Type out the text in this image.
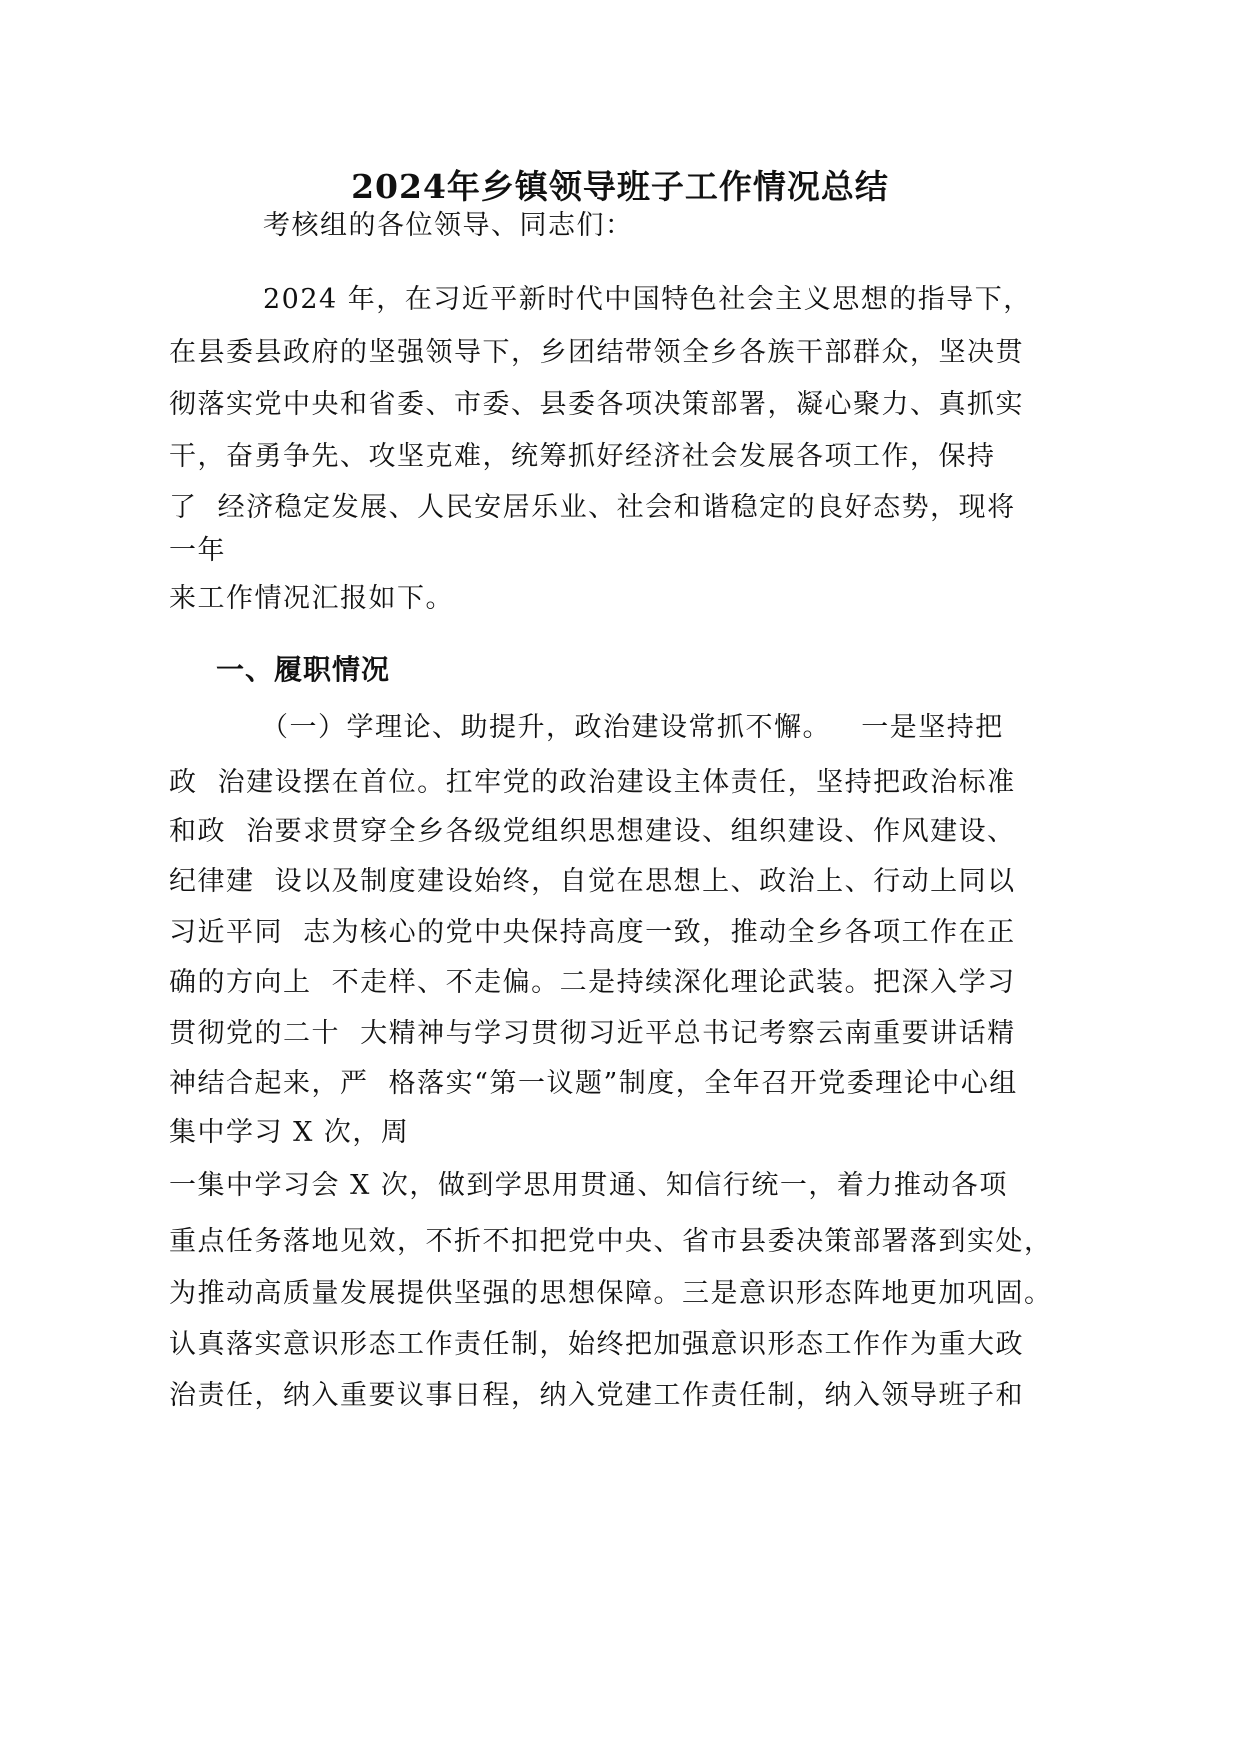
2024年乡镇领导班子工作情况总结
考核组的各位领导、同志们：
2024 年，在习近平新时代中国特色社会主义思想的指导下，
在县委县政府的坚强领导下，乡团结带领全乡各族干部群众，坚决贯
彻落实党中央和省委、市委、县委各项决策部署，凝心聚力、真抓实
干，奋勇争先、攻坚克难，统筹抓好经济社会发展各项工作，保持
了  经济稳定发展、人民安居乐业、社会和谐稳定的良好态势，现将
一年
来工作情况汇报如下。
一、履职情况
（一）学理论、助提升，政治建设常抓不懈。   一是坚持把
政  治建设摆在首位。扛牢党的政治建设主体责任，坚持把政治标准
和政  治要求贯穿全乡各级党组织思想建设、组织建设、作风建设、
纪律建  设以及制度建设始终，自觉在思想上、政治上、行动上同以
习近平同  志为核心的党中央保持高度一致，推动全乡各项工作在正
确的方向上  不走样、不走偏。二是持续深化理论武装。把深入学习
贯彻党的二十  大精神与学习贯彻习近平总书记考察云南重要讲话精
神结合起来，严  格落实“第一议题”制度，全年召开党委理论中心组
集中学习 X 次，周
一集中学习会 X 次，做到学思用贯通、知信行统一，着力推动各项
重点任务落地见效，不折不扣把党中央、省市县委决策部署落到实处，
为推动高质量发展提供坚强的思想保障。三是意识形态阵地更加巩固。
认真落实意识形态工作责任制，始终把加强意识形态工作作为重大政
治责任，纳入重要议事日程，纳入党建工作责任制，纳入领导班子和
